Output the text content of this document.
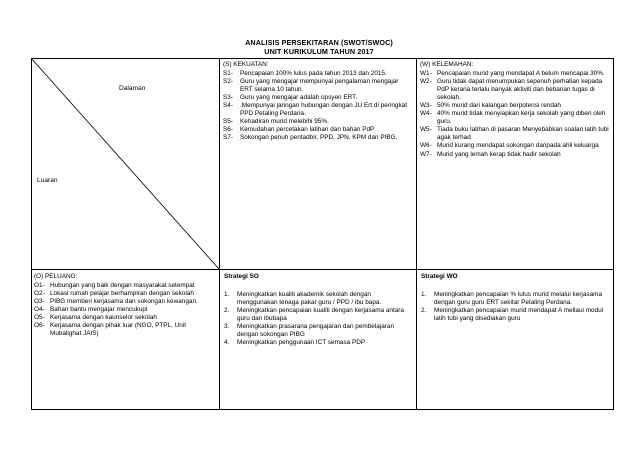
ANALISIS PERSEKITARAN (SWOT/SWOC)
UNIT KURIKULUM TAHUN 2017
Dalaman
Luaran
(S) KEKUATAN:
S1- Pencapaian 100% lulus pada tahun 2013 dan 2015.
S2- Guru yang mengajar mempunyai pengalaman mengajar ERT selama 10 tahun.
S3- Guru yang mengajar adalah opsyen ERT.
S4- .Mempunyai jaringan hubungan dengan JU Ert di peringkat PPD Petaling Perdana.
S5- Kehadiran murid melebihi 95%.
S6- Kemudahan percetakan latihan dan bahan PdP
S7- Sokongan penuh pentadbir, PPD, JPN, KPM dan PIBG.
(W) KELEMAHAN:
W1- Pencapaian murid yang mendapat A belum mencapai 30%.
W2- Guru tidak dapat menumpukan sepenuh perhatian kepada PdP kerana terlalu banyak aktiviti dan bebanan tugas di sekolah.
W3- 50% murid dari kalangan berpotensi rendah
W4- 40% murid tidak menyiapkan kerja sekolah yang diberi oleh guru.
W5- Tiada buku latihan di pasaran Menyebabkan soalan latih tubi agak terhad
W6- Murid kurang mendapat sokongan daripada ahli keluarga
W7- Murid yang lemah kerap tidak hadir sekolah
(O) PELUANG:
O1- Hubungan yang baik dengan masyarakat setempat
O2- Lokasi rumah pelajar berhampiran dengan sekolah
O3- PIBG memberi kerjasama dan sokongan kewangan.
O4- Bahan bantu mengajar mencukupi
O5- Kerjasama dengan kaunselor sekolah
O6- Kerjasama dengan pihak luar (NGO, PTPL, Unit Mubalighat JAIS)
Strategi SO
1. Meningkatkan kualiti akademik sekolah dengan menggunakan tenaga pakar guru / PPD / ibu bapa.
2. Meningkatkan pencapaian kualiti dengan kerjasama antara guru dan ibubapa
3. Meningkatkan prasarana pengajaran dan pembelajaran dengan sokongan PIBG
4. Meningkatkan penggunaan ICT semasa PDP
Strategi WO
1. Meningkatkan pencapaian % lulus murid melalui kerjasama dengan guru guru ERT sekitar Petaling Perdana.
2. Meningkatkan pencapaian murid mendapat A mellaui modul latih tubi yang disediakan guru
